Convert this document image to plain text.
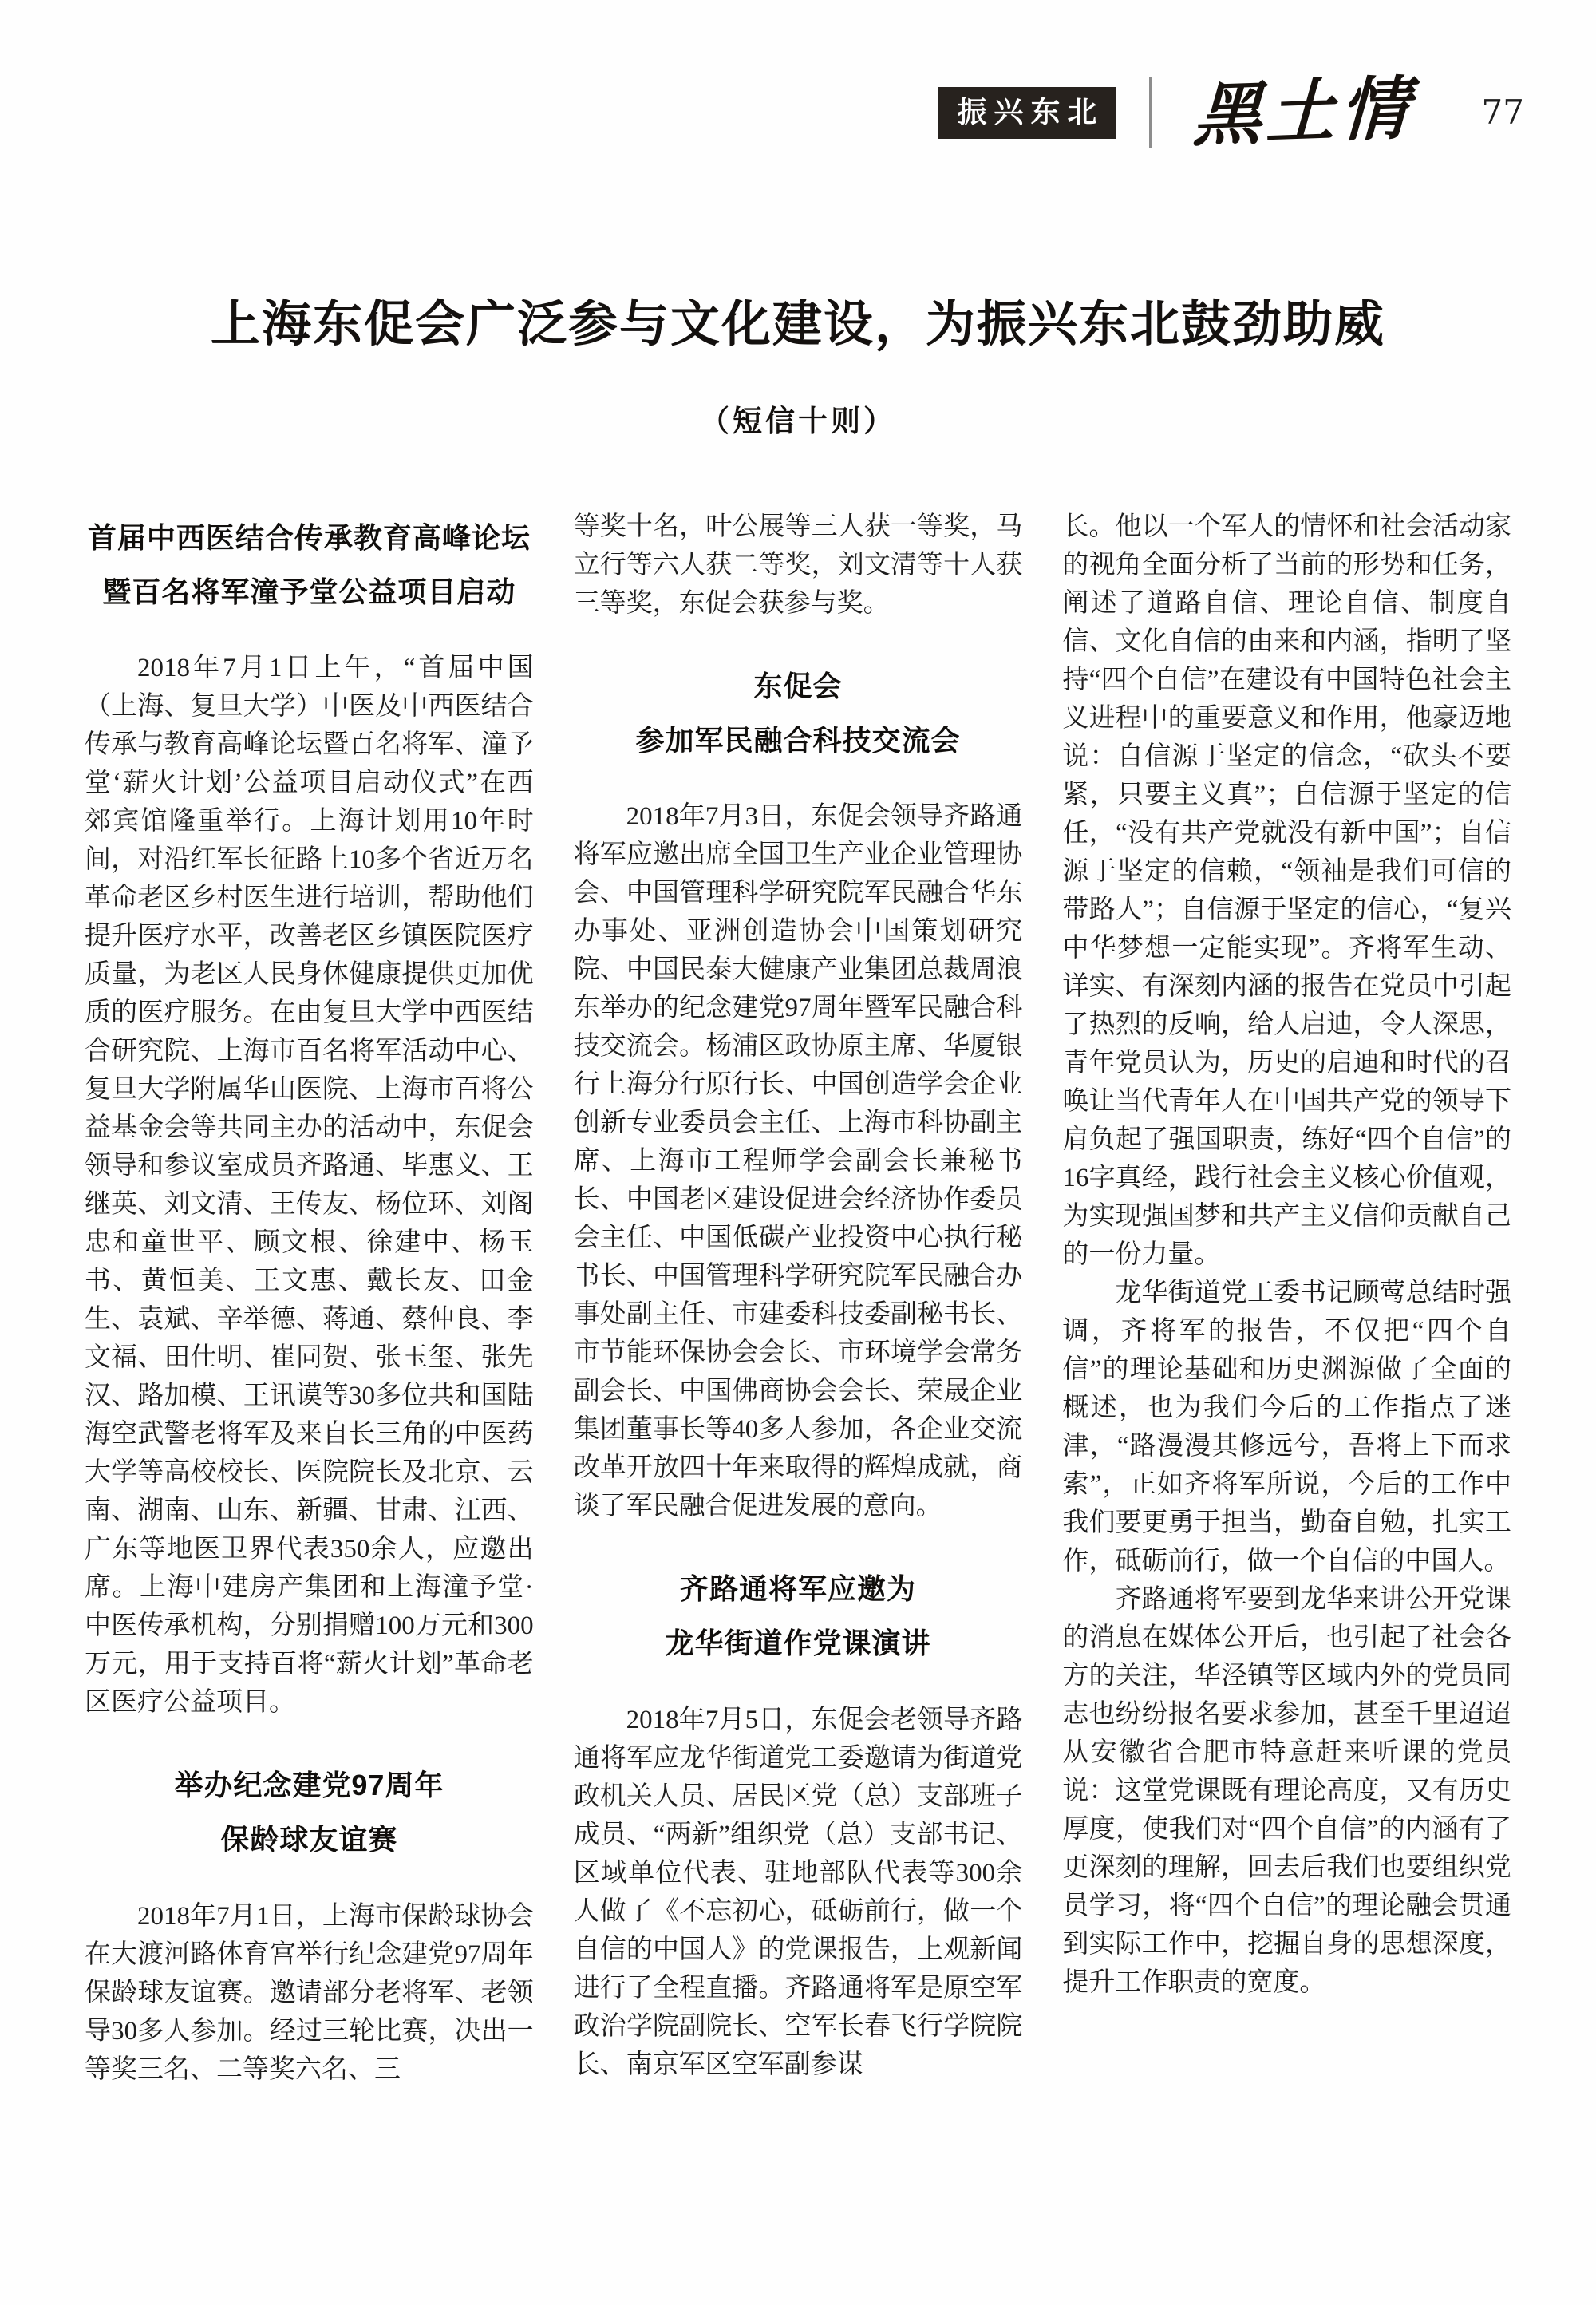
振兴东北 黑土情 77
上海东促会广泛参与文化建设，为振兴东北鼓劲助威
（短信十则）
首届中西医结合传承教育高峰论坛
暨百名将军潼予堂公益项目启动

2018年7月1日上午，“首届中国（上海、复旦大学）中医及中西医结合传承与教育高峰论坛暨百名将军、潼予堂‘薪火计划’公益项目启动仪式”在西郊宾馆隆重举行。上海计划用10年时间，对沿红军长征路上10多个省近万名革命老区乡村医生进行培训，帮助他们提升医疗水平，改善老区乡镇医院医疗质量，为老区人民身体健康提供更加优质的医疗服务。在由复旦大学中西医结合研究院、上海市百名将军活动中心、复旦大学附属华山医院、上海市百将公益基金会等共同主办的活动中，东促会领导和参议室成员齐路通、毕惠义、王继英、刘文清、王传友、杨位环、刘阁忠和童世平、顾文根、徐建中、杨玉书、黄恒美、王文惠、戴长友、田金生、袁斌、辛举德、蒋通、蔡仲良、李文福、田仕明、崔同贺、张玉玺、张先汉、路加模、王讯谟等30多位共和国陆海空武警老将军及来自长三角的中医药大学等高校校长、医院院长及北京、云南、湖南、山东、新疆、甘肃、江西、广东等地医卫界代表350余人，应邀出席。上海中建房产集团和上海潼予堂·中医传承机构，分别捐赠100万元和300万元，用于支持百将“薪火计划”革命老区医疗公益项目。

举办纪念建党97周年
保龄球友谊赛

2018年7月1日，上海市保龄球协会在大渡河路体育宫举行纪念建党97周年保龄球友谊赛。邀请部分老将军、老领导30多人参加。经过三轮比赛，决出一等奖三名、二等奖六名、三

等奖十名，叶公展等三人获一等奖，马立行等六人获二等奖，刘文清等十人获三等奖，东促会获参与奖。

东促会
参加军民融合科技交流会

2018年7月3日，东促会领导齐路通将军应邀出席全国卫生产业企业管理协会、中国管理科学研究院军民融合华东办事处、亚洲创造协会中国策划研究院、中国民泰大健康产业集团总裁周浪东举办的纪念建党97周年暨军民融合科技交流会。杨浦区政协原主席、华厦银行上海分行原行长、中国创造学会企业创新专业委员会主任、上海市科协副主席、上海市工程师学会副会长兼秘书长、中国老区建设促进会经济协作委员会主任、中国低碳产业投资中心执行秘书长、中国管理科学研究院军民融合办事处副主任、市建委科技委副秘书长、市节能环保协会会长、市环境学会常务副会长、中国佛商协会会长、荣晟企业集团董事长等40多人参加，各企业交流改革开放四十年来取得的辉煌成就，商谈了军民融合促进发展的意向。

齐路通将军应邀为
龙华街道作党课演讲

2018年7月5日，东促会老领导齐路通将军应龙华街道党工委邀请为街道党政机关人员、居民区党（总）支部班子成员、“两新”组织党（总）支部书记、区域单位代表、驻地部队代表等300余人做了《不忘初心，砥砺前行，做一个自信的中国人》的党课报告，上观新闻进行了全程直播。齐路通将军是原空军政治学院副院长、空军长春飞行学院院长、南京军区空军副参谋

长。他以一个军人的情怀和社会活动家的视角全面分析了当前的形势和任务，阐述了道路自信、理论自信、制度自信、文化自信的由来和内涵，指明了坚持“四个自信”在建设有中国特色社会主义进程中的重要意义和作用，他豪迈地说：自信源于坚定的信念，“砍头不要紧，只要主义真”；自信源于坚定的信任，“没有共产党就没有新中国”；自信源于坚定的信赖，“领袖是我们可信的带路人”；自信源于坚定的信心，“复兴中华梦想一定能实现”。齐将军生动、详实、有深刻内涵的报告在党员中引起了热烈的反响，给人启迪，令人深思，青年党员认为，历史的启迪和时代的召唤让当代青年人在中国共产党的领导下肩负起了强国职责，练好“四个自信”的16字真经，践行社会主义核心价值观，为实现强国梦和共产主义信仰贡献自己的一份力量。

龙华街道党工委书记顾莺总结时强调，齐将军的报告，不仅把“四个自信”的理论基础和历史渊源做了全面的概述，也为我们今后的工作指点了迷津，“路漫漫其修远兮，吾将上下而求索”，正如齐将军所说，今后的工作中我们要更勇于担当，勤奋自勉，扎实工作，砥砺前行，做一个自信的中国人。

齐路通将军要到龙华来讲公开党课的消息在媒体公开后，也引起了社会各方的关注，华泾镇等区域内外的党员同志也纷纷报名要求参加，甚至千里迢迢从安徽省合肥市特意赶来听课的党员说：这堂党课既有理论高度，又有历史厚度，使我们对“四个自信”的内涵有了更深刻的理解，回去后我们也要组织党员学习，将“四个自信”的理论融会贯通到实际工作中，挖掘自身的思想深度，提升工作职责的宽度。
